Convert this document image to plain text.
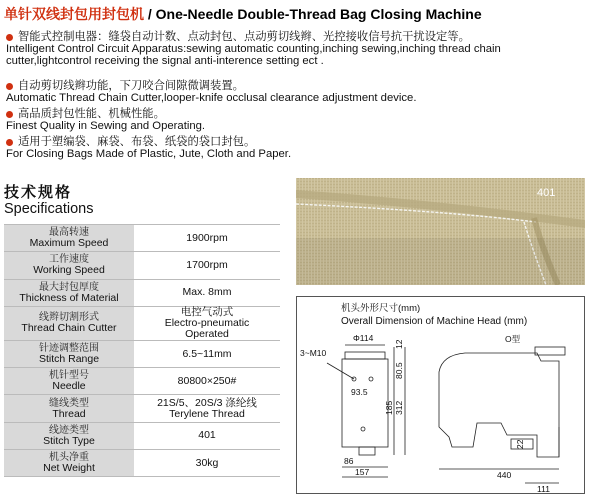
单针双线封包用封包机 / One-Needle Double-Thread Bag Closing Machine
智能式控制电器：缝袋自动计数、点动封包、点动剪切线辫、光控接收信号抗干扰设定等。
Intelligent Control Circuit Apparatus:sewing automatic counting,inching sewing,inching thread chain
cutter,lightcontrol receiving the signal anti-interence setting ect .
自动剪切线辫功能，下刀咬合间隙微调装置。
Automatic Thread Chain Cutter,looper-knife occlusal clearance adjustment device.
高品质封包性能、机械性能。
Finest Quality in Sewing and Operating.
适用于塑编袋、麻袋、布袋、纸袋的袋口封包。
For Closing Bags Made of Plastic, Jute, Cloth and Paper.
技术规格
Specifications
最高转速
Maximum Speed	1900rpm

工作速度
Working Speed	1700rpm

最大封包厚度
Thickness of Material	Max. 8mm

线辫切割形式
Thread Chain Cutter	电控气动式
Electro-pneumatic
Operated

针迹调整范围
Stitch Range	6.5~11mm

机针型号
Needle	80800×250#

缝线类型
Thread	21S/5、20S/3 涤纶线
Terylene Thread

线迹类型
Stitch Type	401

机头净重
Net Weight	30kg
401
机头外形尺寸(mm)
Overall Dimension of Machine Head (mm)
3~M10
Φ114
93.5
86
157
12
80.5
185 312
O型
22
440
111
